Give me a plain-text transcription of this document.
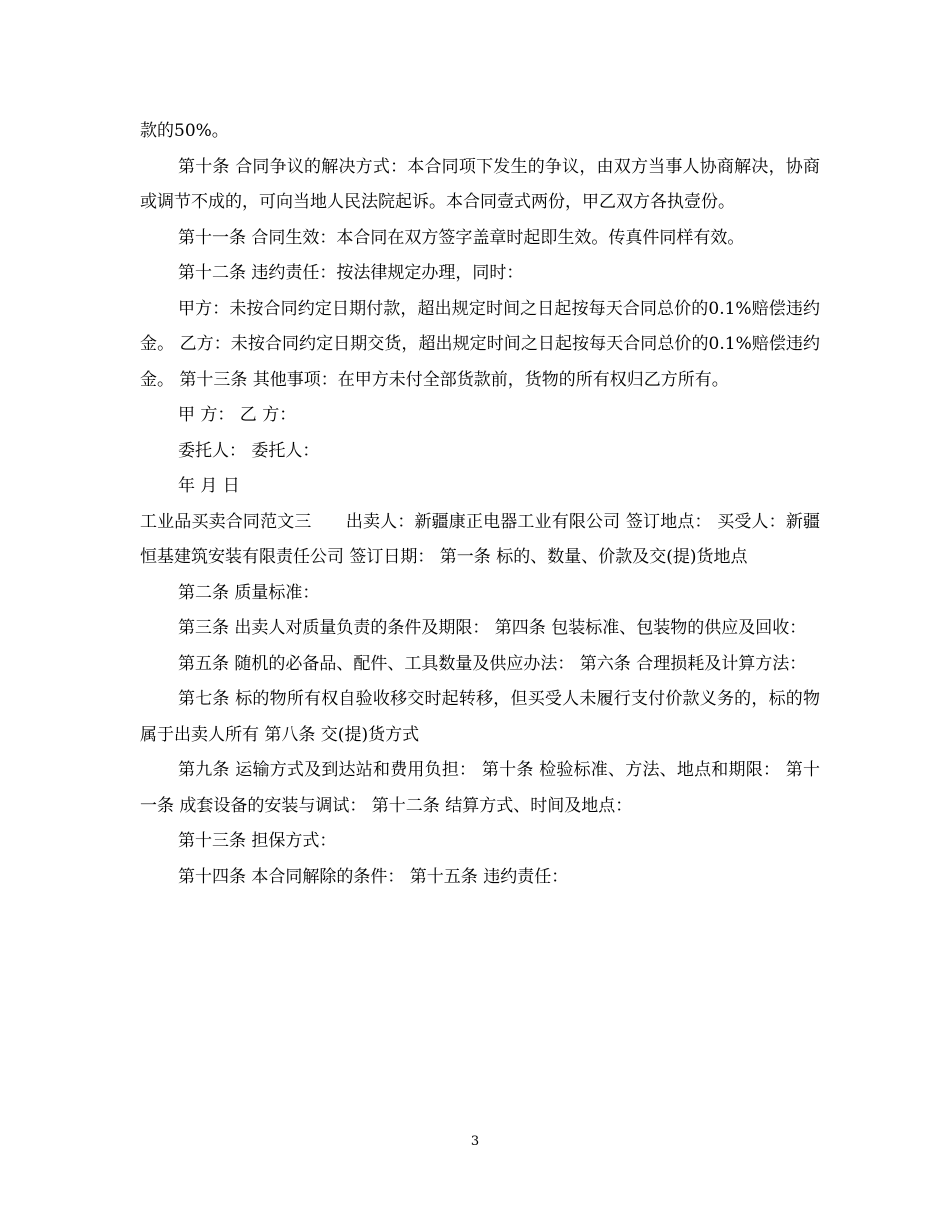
款的50%。

第十条 合同争议的解决方式：本合同项下发生的争议，由双方当事人协商解决，协商或调节不成的，可向当地人民法院起诉。本合同壹式两份，甲乙双方各执壹份。

第十一条 合同生效：本合同在双方签字盖章时起即生效。传真件同样有效。

第十二条 违约责任：按法律规定办理，同时：

甲方：未按合同约定日期付款，超出规定时间之日起按每天合同总价的0.1%赔偿违约金。 乙方：未按合同约定日期交货，超出规定时间之日起按每天合同总价的0.1%赔偿违约金。 第十三条 其他事项：在甲方未付全部货款前，货物的所有权归乙方所有。

甲 方： 乙 方：

委托人： 委托人：

年 月 日

工业品买卖合同范文三　　出卖人：新疆康正电器工业有限公司 签订地点： 买受人：新疆恒基建筑安装有限责任公司 签订日期： 第一条 标的、数量、价款及交(提)货地点

第二条 质量标准：

第三条 出卖人对质量负责的条件及期限： 第四条 包装标准、包装物的供应及回收：

第五条 随机的必备品、配件、工具数量及供应办法： 第六条 合理损耗及计算方法：

第七条 标的物所有权自验收移交时起转移，但买受人未履行支付价款义务的，标的物属于出卖人所有 第八条 交(提)货方式

第九条 运输方式及到达站和费用负担： 第十条 检验标准、方法、地点和期限： 第十一条 成套设备的安装与调试： 第十二条 结算方式、时间及地点：

第十三条 担保方式：

第十四条 本合同解除的条件： 第十五条 违约责任：

3
